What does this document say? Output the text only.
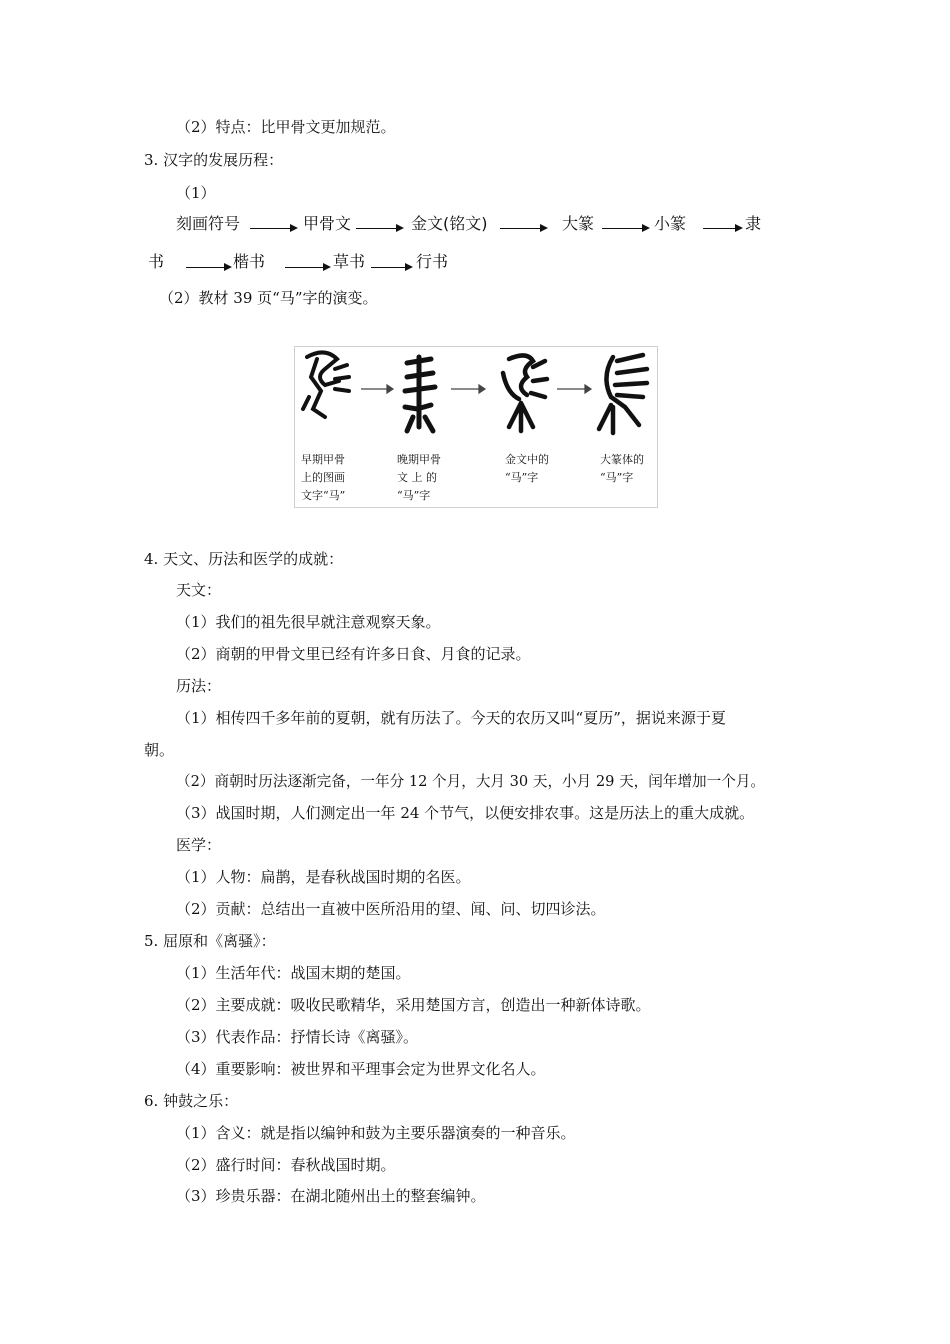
（2）特点：比甲骨文更加规范。
3. 汉字的发展历程：
（1）
刻画符号	甲骨文	金文(铭文)	大篆	小篆	隶
书	楷书	草书	行书
（2）教材 39 页“马”字的演变。
早期甲骨
上的图画
文字“马”
晚期甲骨
文 上 的
“马”字
金文中的
“马”字
大篆体的
“马”字
4. 天文、历法和医学的成就：
天文：
（1）我们的祖先很早就注意观察天象。
（2）商朝的甲骨文里已经有许多日食、月食的记录。
历法：
（1）相传四千多年前的夏朝，就有历法了。今天的农历又叫“夏历”，据说来源于夏
朝。
（2）商朝时历法逐渐完备，一年分 12 个月，大月 30 天，小月 29 天，闰年增加一个月。
（3）战国时期，人们测定出一年 24 个节气，以便安排农事。这是历法上的重大成就。
医学：
（1）人物：扁鹊，是春秋战国时期的名医。
（2）贡献：总结出一直被中医所沿用的望、闻、问、切四诊法。
5. 屈原和《离骚》：
（1）生活年代：战国末期的楚国。
（2）主要成就：吸收民歌精华，采用楚国方言，创造出一种新体诗歌。
（3）代表作品：抒情长诗《离骚》。
（4）重要影响：被世界和平理事会定为世界文化名人。
6. 钟鼓之乐：
（1）含义：就是指以编钟和鼓为主要乐器演奏的一种音乐。
（2）盛行时间：春秋战国时期。
（3）珍贵乐器：在湖北随州出土的整套编钟。
